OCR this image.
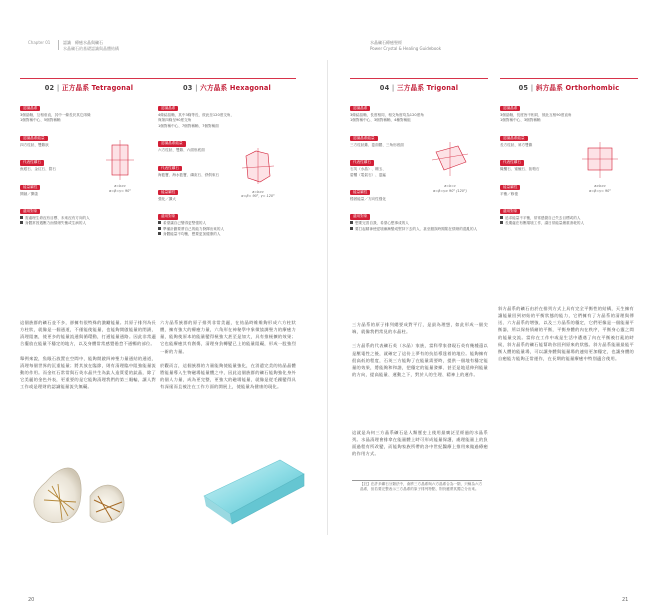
Chapter 01	認識　療癒水晶與礦石
水晶礦石的基礎認識與晶體結構
水晶礦石療癒聖經
Power Crystal & Healing Guidebook
02 | 正方晶系 Tetragonal
認識晶系
3個晶軸，互相垂直，其中一條長於其它兩條
1個對稱中心、5個對稱軸
認識晶系能量
四方柱狀、雙錐狀
代表性礦石
魚眼石、金紅石、鋯石
能量屬性
開創／開啟
a=b≠c
α=β=γ= 90°
適用對象
需處理生命沒有目標、未來沒有方向的人
身體常因遇壓力而情緒失衡或生病的人
03 | 六方晶系 Hexagonal
認識晶系
4條結晶軸，其中3條等長，彼此呈120度交角，
與第四條呈90度交角
1個對稱中心、7個對稱軸、7個對稱面
認識晶系能量
六方柱狀、雙錐、六面形底面
代表性礦石
海藍寶、海水藍寶、磷灰石、舒俱來石
能量屬性
強化／擴大
a=b≠c
α=β= 90°, γ= 120°
適用對象
希望讓自己變得更堅強的人
準備計劃要將自己的能力發揮出來的人
身體能量不均衡，想要更加健康的人
04 | 三方晶系 Trigonal
認識晶系
3條結晶軸，長度相同，相交角度均為120度角
1個對稱中心、3個對稱軸、4種對稱組
認識晶系能量
三方柱狀錐、菱面體、三角形底面
代表性礦石
石英（水晶）、剛玉、
碧璽（電氣石）、菱錳
能量屬性
穩固能量／方向性強化
a=b=c
α=β=γ≠ 90° (120°)
適用對象
想要完善自我，希望心想事成的人
要打起精神使逆境漸漸變成堅持下去的人、甚至錯誤時期陷在情緒的混亂的人
05 | 斜方晶系 Orthorhombic
認識晶系
3個晶軸，長度皆不相同，彼此互相90度直角
1個對稱中心、3個對稱軸
認識晶系能量
長方柱狀、斜方雙錐
代表性礦石
橄欖石、蜜蠟石、拓帕石
能量屬性
平衡／修復
a≠b≠c
α=β=γ= 90°
適用對象
追求能量不平衡，常常感覺自己失去目標或的人
長期處在有壓環境工作，讓日常能量嚴重消耗的人
這個族群的礦石並不多，卻擁有很特殊的激勵能量。其原子排列為長方柱狀，就像是一個通道，不僅能使能量，也能夠開啟能量的閉鎖，清理阻塞，使更多的能量流通與循環動，打通能量通路。因此非常適合擺放在能量不穩定的地方，以及身體常常感覺倦怠不通暢的部位。

舉例來說，魚眼石放置在空間中，能夠開啟四神聖力量通結的通道，清理每個世界的沉重能量；將其放在臨節，則有清理臨中阻強能量流動的作用。而金紅石常常與石英水晶共生為鈦人造質愛的鈦晶，除了它美麗的金色外表，更重要的是它能夠清理我們的第三眼輪，讓人對工作或是理財的認識能量流失無礙。
六方晶系族群的原子排列非常美麗，在結晶時維維夠形成六方柱狀體，擁有強大的療癒力量，六角形在神秘學中象徵協調聖力的療癒力量，能夠使原本的能量變得極強大甚至是加大，具有推極擴的效果；它也能療癒其有創傷，清理身負轉變已上的能量阻礙，形成一股強烈一新的力量。

於觀而言，這個族群的力量能夠使能量強化，在消遣完美的結晶晶體將能量導入生物磁場能量體之中，因此這個族群的礦石能夠強化身外的個人力量，成為更完整，更強大的磁場能量，就像是從毛躁變得具有深邃而且被注在工作方面的開展上，使能量為健康的現化。
三方晶系的原子排列總要成對平行，是最為理想，如此形成一個尖端，就像我們常見的水晶柱。

三方晶系的代表礦石英（水晶）家族，當科學家發現石英有幾種還以是壓電性之後，就確定了這份上夢有的抗倍導達着的地位。能夠擁有很高低的程度，石英三方能夠了在能量需要時，提供一個地有穩定能量的效果，將能夠和和諧，把穩定的能量發揮、甚至是地延伸到能量的方向，提高能量、運動之下，對於人的生理、精神上的運作。
這就是為何三方晶系礦石是人類歷史上使用最廣泛至經過的水晶系列。水晶清理會排拿在能量體上時可形成能量保護，處理能量上的負面過程有所改變，而能夠家族所帶的各中世紀醫療上推用來做過療癒的作用方式。
斜方晶系的礦石由於在排列方式上具有完全平衡性的結構，天生擁有讓能量回到初始的平衡狀態的能力，它們擁有了方晶系的清理與傳送、六方晶系的增強、以及三方晶系的穩定，它們更像是一個能量平衡器，所以保持情緒的平衡，平衡身體的內在秩序，平衡身心靈之間的能量交流。當你在工作中或是生活中遭遇了內在平衡被打亂的時候，斜方晶系的礦石能幫助你回到原來的狀態。斜方晶系能量最能平衡人體的能量場，可以讓身體與能量場的連結更加穩定，也讓身體的自癒能力能夠正常運作，在長期的能量療癒中特別適合使用。
【註】在許多礦石分類法中，會將三方晶系與六方晶系合為一類，只稱為六方晶系，但若要完整表示三方晶系的原子排列特點，則仍應將其獨立分出來。
20	21
